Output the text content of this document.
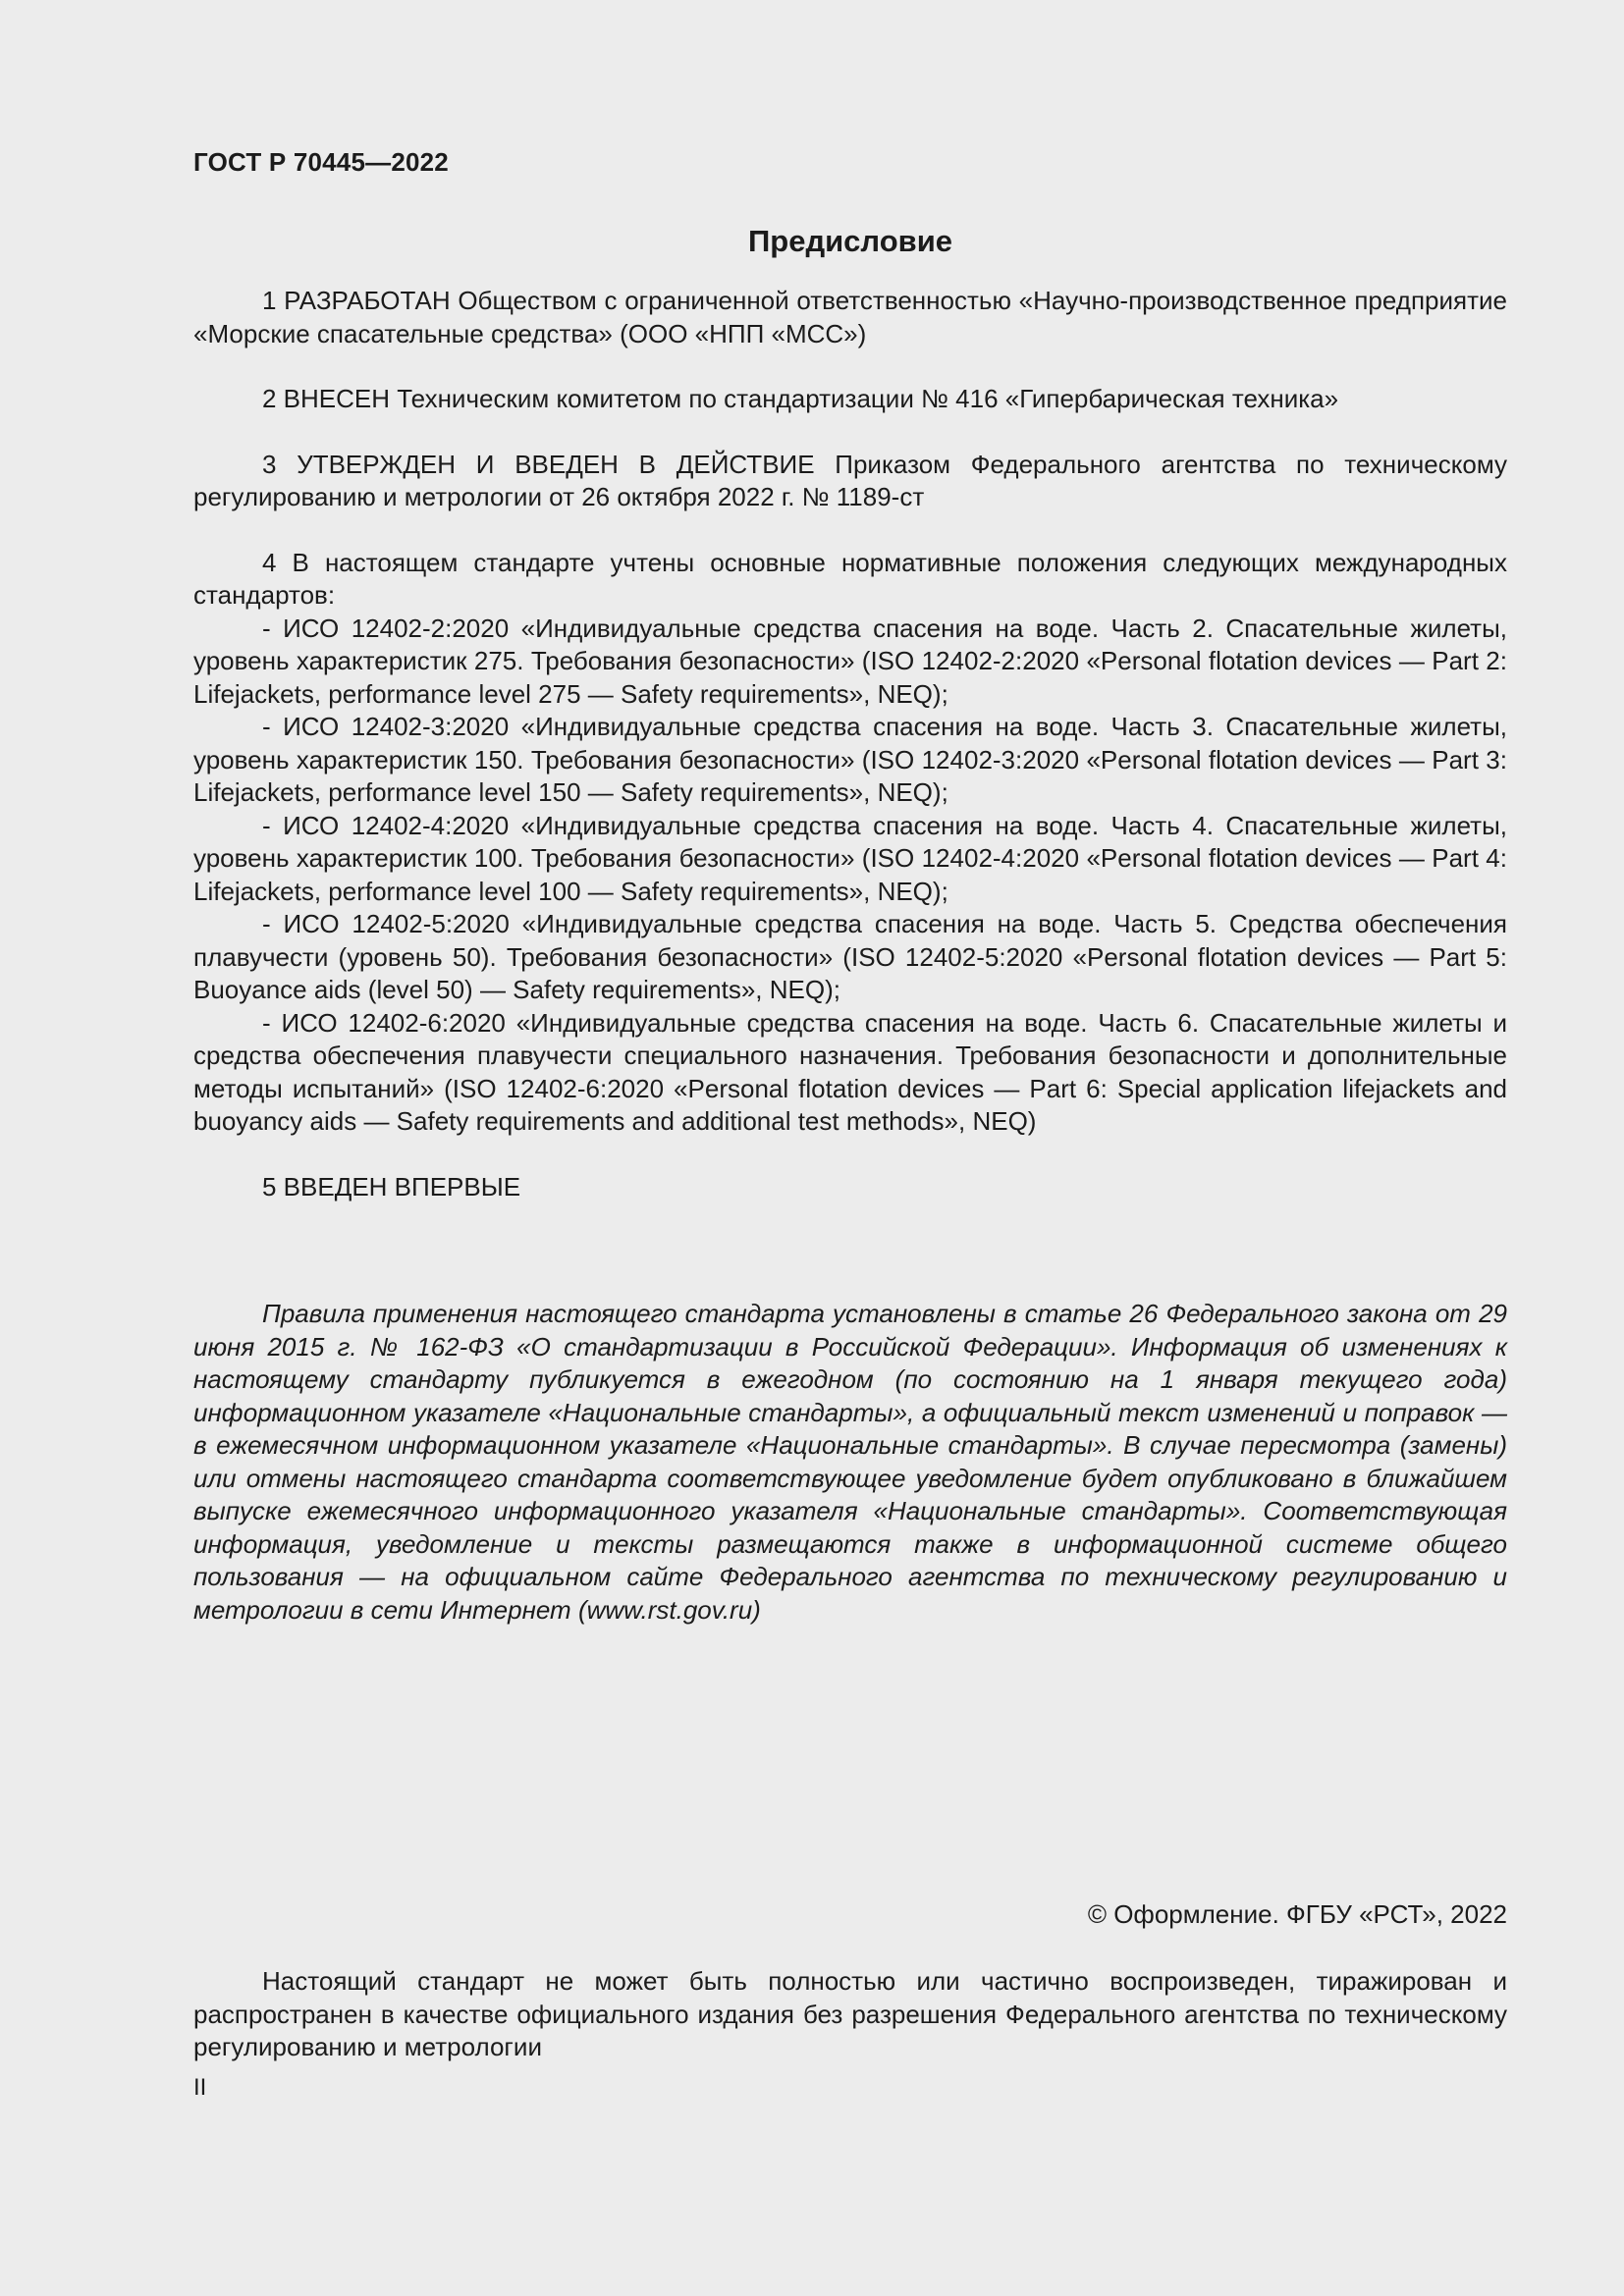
ГОСТ Р 70445—2022
Предисловие

1 РАЗРАБОТАН Обществом с ограниченной ответственностью «Научно-производственное предприятие «Морские спасательные средства» (ООО «НПП «МСС»)

2 ВНЕСЕН Техническим комитетом по стандартизации № 416 «Гипербарическая техника»

3 УТВЕРЖДЕН И ВВЕДЕН В ДЕЙСТВИЕ Приказом Федерального агентства по техническому регулированию и метрологии от 26 октября 2022 г. № 1189-ст

4 В настоящем стандарте учтены основные нормативные положения следующих международных стандартов:

- ИСО 12402-2:2020 «Индивидуальные средства спасения на воде. Часть 2. Спасательные жилеты, уровень характеристик 275. Требования безопасности» (ISO 12402-2:2020 «Personal flotation devices — Part 2: Lifejackets, performance level 275 — Safety requirements», NEQ);

- ИСО 12402-3:2020 «Индивидуальные средства спасения на воде. Часть 3. Спасательные жилеты, уровень характеристик 150. Требования безопасности» (ISO 12402-3:2020 «Personal flotation devices — Part 3: Lifejackets, performance level 150 — Safety requirements», NEQ);

- ИСО 12402-4:2020 «Индивидуальные средства спасения на воде. Часть 4. Спасательные жилеты, уровень характеристик 100. Требования безопасности» (ISO 12402-4:2020 «Personal flotation devices — Part 4: Lifejackets, performance level 100 — Safety requirements», NEQ);

- ИСО 12402-5:2020 «Индивидуальные средства спасения на воде. Часть 5. Средства обеспечения плавучести (уровень 50). Требования безопасности» (ISO 12402-5:2020 «Personal flotation devices — Part 5: Buoyance aids (level 50) — Safety requirements», NEQ);

- ИСО 12402-6:2020 «Индивидуальные средства спасения на воде. Часть 6. Спасательные жилеты и средства обеспечения плавучести специального назначения. Требования безопасности и дополнительные методы испытаний» (ISO 12402-6:2020 «Personal flotation devices — Part 6: Special application lifejackets and buoyancy aids — Safety requirements and additional test methods», NEQ)

5 ВВЕДЕН ВПЕРВЫЕ

Правила применения настоящего стандарта установлены в статье 26 Федерального закона от 29 июня 2015 г. № 162-ФЗ «О стандартизации в Российской Федерации». Информация об изменениях к настоящему стандарту публикуется в ежегодном (по состоянию на 1 января текущего года) информационном указателе «Национальные стандарты», а официальный текст изменений и поправок — в ежемесячном информационном указателе «Национальные стандарты». В случае пересмотра (замены) или отмены настоящего стандарта соответствующее уведомление будет опубликовано в ближайшем выпуске ежемесячного информационного указателя «Национальные стандарты». Соответствующая информация, уведомление и тексты размещаются также в информационной системе общего пользования — на официальном сайте Федерального агентства по техническому регулированию и метрологии в сети Интернет (www.rst.gov.ru)
© Оформление. ФГБУ «РСТ», 2022
Настоящий стандарт не может быть полностью или частично воспроизведен, тиражирован и распространен в качестве официального издания без разрешения Федерального агентства по техническому регулированию и метрологии
II
